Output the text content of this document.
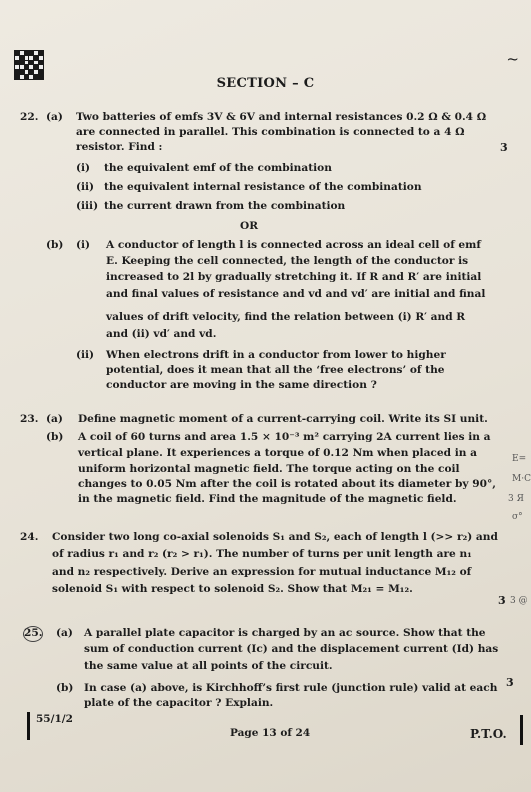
~
SECTION – C
22. (a) Two batteries of emfs 3V & 6V and internal resistances 0.2 Ω & 0.4 Ω
are connected in parallel. This combination is connected to a 4 Ω
resistor. Find :	3
(i) the equivalent emf of the combination
(ii) the equivalent internal resistance of the combination
(iii) the current drawn from the combination
OR
(b) (i) A conductor of length l is connected across an ideal cell of emf
E. Keeping the cell connected, the length of the conductor is
increased to 2l by gradually stretching it. If R and R′ are initial
and final values of resistance and vd and vd′ are initial and final
values of drift velocity, find the relation between (i) R′ and R
and (ii) vd′ and vd.
(ii) When electrons drift in a conductor from lower to higher
potential, does it mean that all the ‘free electrons’ of the
conductor are moving in the same direction ?
23. (a) Define magnetic moment of a current-carrying coil. Write its SI unit.
(b) A coil of 60 turns and area 1.5 × 10⁻³ m² carrying 2A current lies in a
vertical plane. It experiences a torque of 0.12 Nm when placed in a
uniform horizontal magnetic field. The torque acting on the coil
changes to 0.05 Nm after the coil is rotated about its diameter by 90°,
in the magnetic field. Find the magnitude of the magnetic field.
24. Consider two long co-axial solenoids S₁ and S₂, each of length l (>> r₂) and
of radius r₁ and r₂ (r₂ > r₁). The number of turns per unit length are n₁
and n₂ respectively. Derive an expression for mutual inductance M₁₂ of
solenoid S₁ with respect to solenoid S₂. Show that M₂₁ = M₁₂.
3
25. (a) A parallel plate capacitor is charged by an ac source. Show that the
sum of conduction current (Ic) and the displacement current (Id) has
the same value at all points of the circuit.
3
(b) In case (a) above, is Kirchhoff’s first rule (junction rule) valid at each
plate of the capacitor ? Explain.
Ε=
M·C
3 Я
σ°
3 @
55/1/2
Page 13 of 24	P.T.O.
